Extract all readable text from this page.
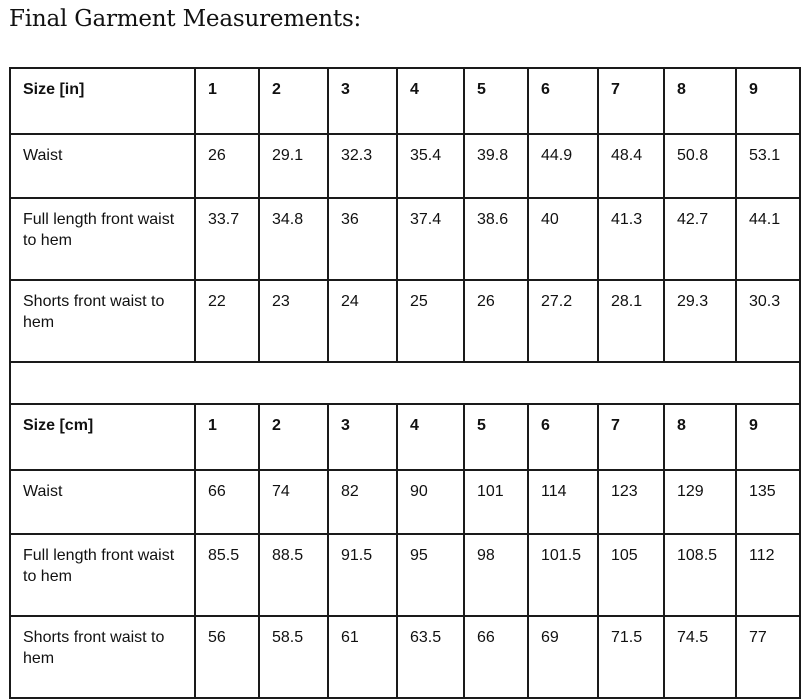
Final Garment Measurements:
Size [in]	1	2	3	4	5	6	7	8	9
Waist	26	29.1	32.3	35.4	39.8	44.9	48.4	50.8	53.1
Full length front waist to hem	33.7	34.8	36	37.4	38.6	40	41.3	42.7	44.1
Shorts front waist to hem	22	23	24	25	26	27.2	28.1	29.3	30.3

Size [cm]	1	2	3	4	5	6	7	8	9
Waist	66	74	82	90	101	114	123	129	135
Full length front waist to hem	85.5	88.5	91.5	95	98	101.5	105	108.5	112
Shorts front waist to hem	56	58.5	61	63.5	66	69	71.5	74.5	77
